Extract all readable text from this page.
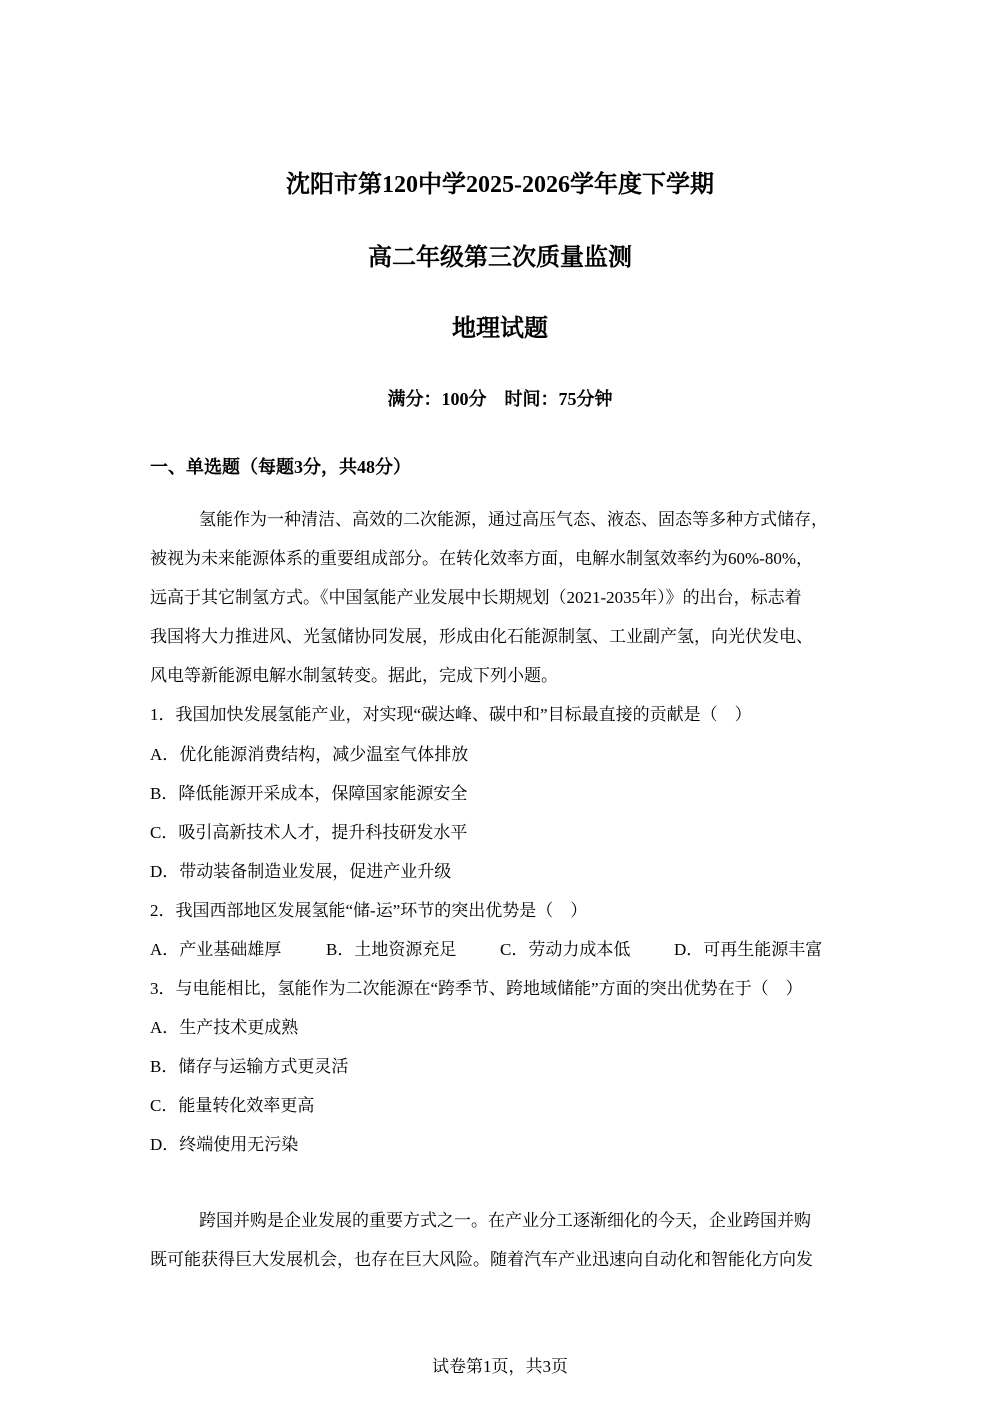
沈阳市第120中学2025-2026学年度下学期
高二年级第三次质量监测
地理试题
满分：100分　时间：75分钟
一、单选题（每题3分，共48分）
氢能作为一种清洁、高效的二次能源，通过高压气态、液态、固态等多种方式储存，
被视为未来能源体系的重要组成部分。在转化效率方面，电解水制氢效率约为60%-80%，
远高于其它制氢方式。《中国氢能产业发展中长期规划（2021-2035年）》的出台，标志着
我国将大力推进风、光氢储协同发展，形成由化石能源制氢、工业副产氢，向光伏发电、
风电等新能源电解水制氢转变。据此，完成下列小题。
1．我国加快发展氢能产业，对实现“碳达峰、碳中和”目标最直接的贡献是（　）
A．优化能源消费结构，减少温室气体排放
B．降低能源开采成本，保障国家能源安全
C．吸引高新技术人才，提升科技研发水平
D．带动装备制造业发展，促进产业升级
2．我国西部地区发展氢能“储-运”环节的突出优势是（　）
A．产业基础雄厚	B．土地资源充足	C．劳动力成本低	D．可再生能源丰富
3．与电能相比，氢能作为二次能源在“跨季节、跨地域储能”方面的突出优势在于（　）
A．生产技术更成熟
B．储存与运输方式更灵活
C．能量转化效率更高
D．终端使用无污染
跨国并购是企业发展的重要方式之一。在产业分工逐渐细化的今天，企业跨国并购
既可能获得巨大发展机会，也存在巨大风险。随着汽车产业迅速向自动化和智能化方向发
试卷第1页，共3页
